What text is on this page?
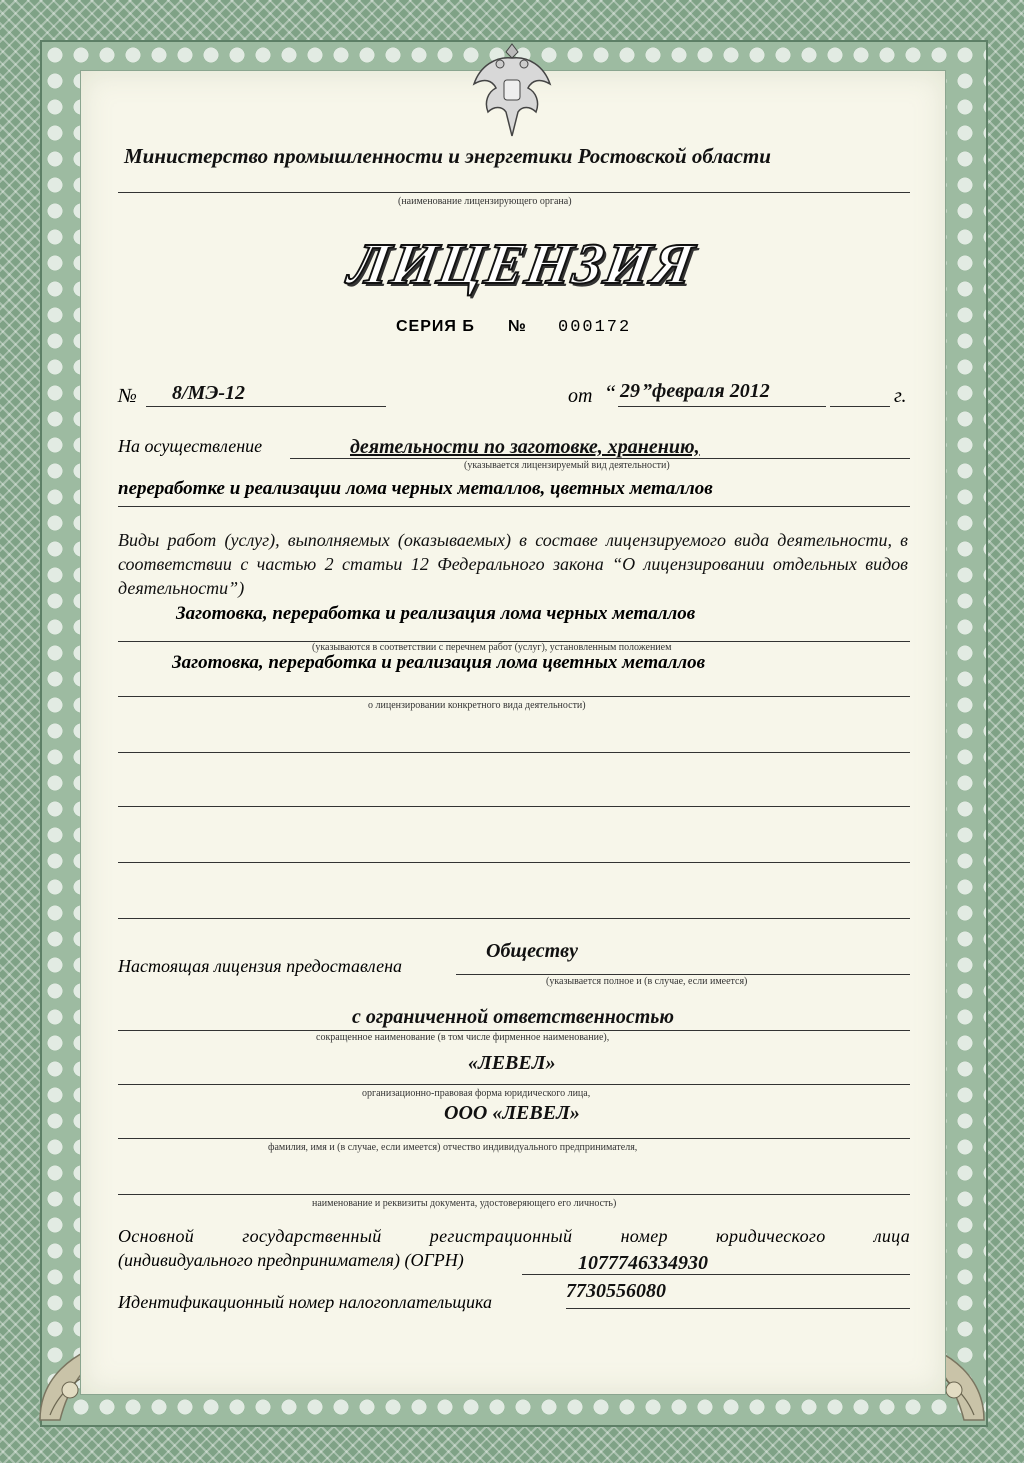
Министерство промышленности и энергетики Ростовской области
(наименование лицензирующего органа)
ЛИЦЕНЗИЯ
СЕРИЯ Б № 000172
№ 8/МЭ-12	от “ 29 ”февраля 2012	г.
На осуществление	деятельности по заготовке, хранению,
(указывается лицензируемый вид деятельности)
переработке и реализации лома черных металлов, цветных металлов
Виды работ (услуг), выполняемых (оказываемых) в составе лицензируемого вида деятельности, в соответствии с частью 2 статьи 12 Федерального закона “О лицензировании отдельных видов деятельности”)
Заготовка, переработка и реализация лома черных металлов
(указываются в соответствии с перечнем работ (услуг), установленным положением
Заготовка, переработка и реализация лома цветных металлов
о лицензировании конкретного вида деятельности)
Настоящая лицензия предоставлена
Обществу
(указывается полное и (в случае, если имеется)
с ограниченной ответственностью
сокращенное наименование (в том числе фирменное наименование),
«ЛЕВЕЛ»
организационно-правовая форма юридического лица,
ООО «ЛЕВЕЛ»
фамилия, имя и (в случае, если имеется) отчество индивидуального предпринимателя,
наименование и реквизиты документа, удостоверяющего его личность)
Основной государственный регистрационный номер юридического лица
(индивидуального предпринимателя) (ОГРН)	1077746334930
Идентификационный номер налогоплательщика	7730556080
